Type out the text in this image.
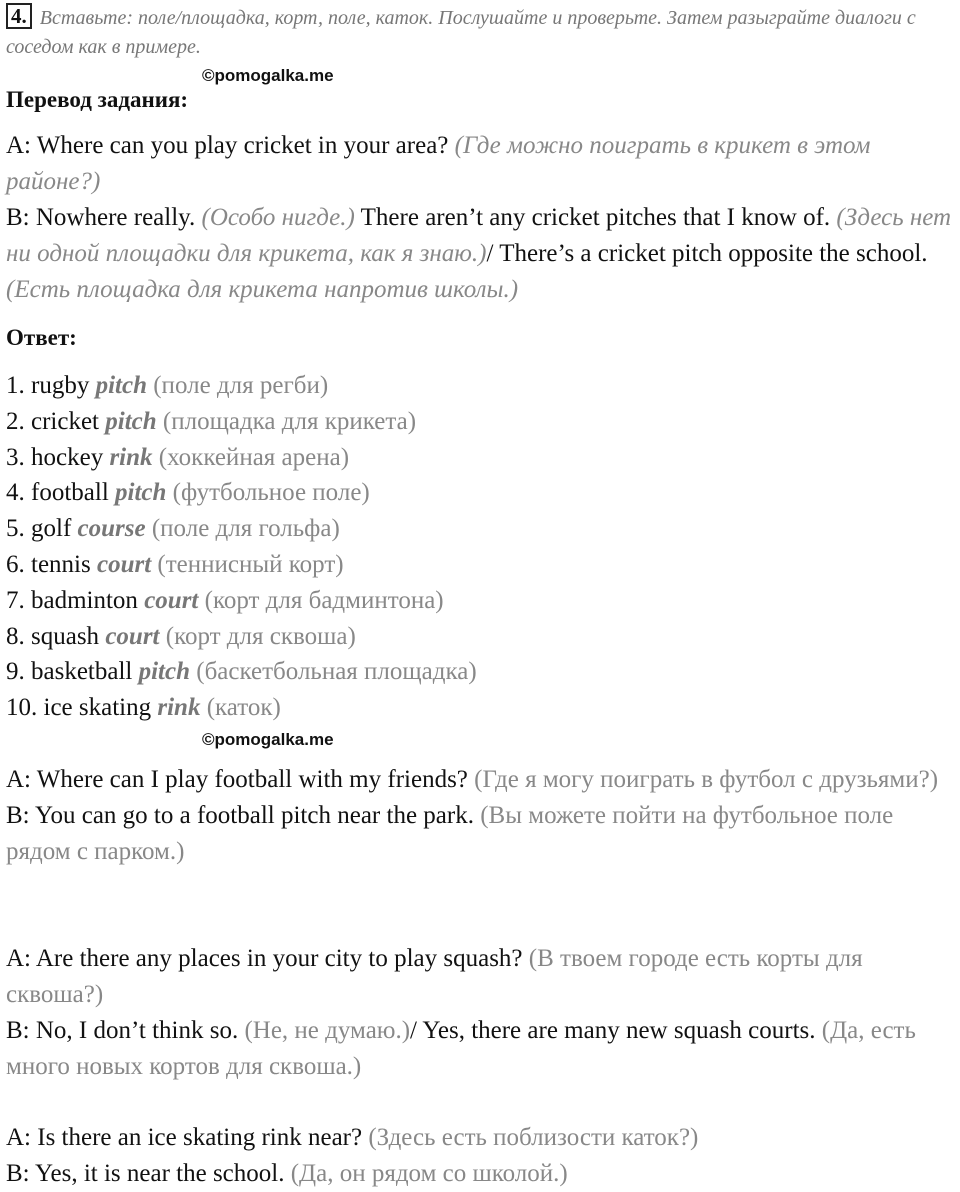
4. Вставьте: поле/площадка, корт, поле, каток. Послушайте и проверьте. Затем разыграйте диалоги с соседом как в примере.
©pomogalka.me
Перевод задания:
A: Where can you play cricket in your area? (Где можно поиграть в крикет в этом районе?)
B: Nowhere really. (Особо нигде.) There aren’t any cricket pitches that I know of. (Здесь нет ни одной площадки для крикета, как я знаю.)/ There’s a cricket pitch opposite the school. (Есть площадка для крикета напротив школы.)
Ответ:
1. rugby pitch (поле для регби)
2. cricket pitch (площадка для крикета)
3. hockey rink (хоккейная арена)
4. football pitch (футбольное поле)
5. golf course (поле для гольфа)
6. tennis court (теннисный корт)
7. badminton court (корт для бадминтона)
8. squash court (корт для сквоша)
9. basketball pitch (баскетбольная площадка)
10. ice skating rink (каток)
©pomogalka.me
A: Where can I play football with my friends? (Где я могу поиграть в футбол с друзьями?)
B: You can go to a football pitch near the park. (Вы можете пойти на футбольное поле рядом с парком.)
A: Are there any places in your city to play squash? (В твоем городе есть корты для сквоша?)
B: No, I don’t think so. (Не, не думаю.)/ Yes, there are many new squash courts. (Да, есть много новых кортов для сквоша.)
A: Is there an ice skating rink near? (Здесь есть поблизости каток?)
B: Yes, it is near the school. (Да, он рядом со школой.)
